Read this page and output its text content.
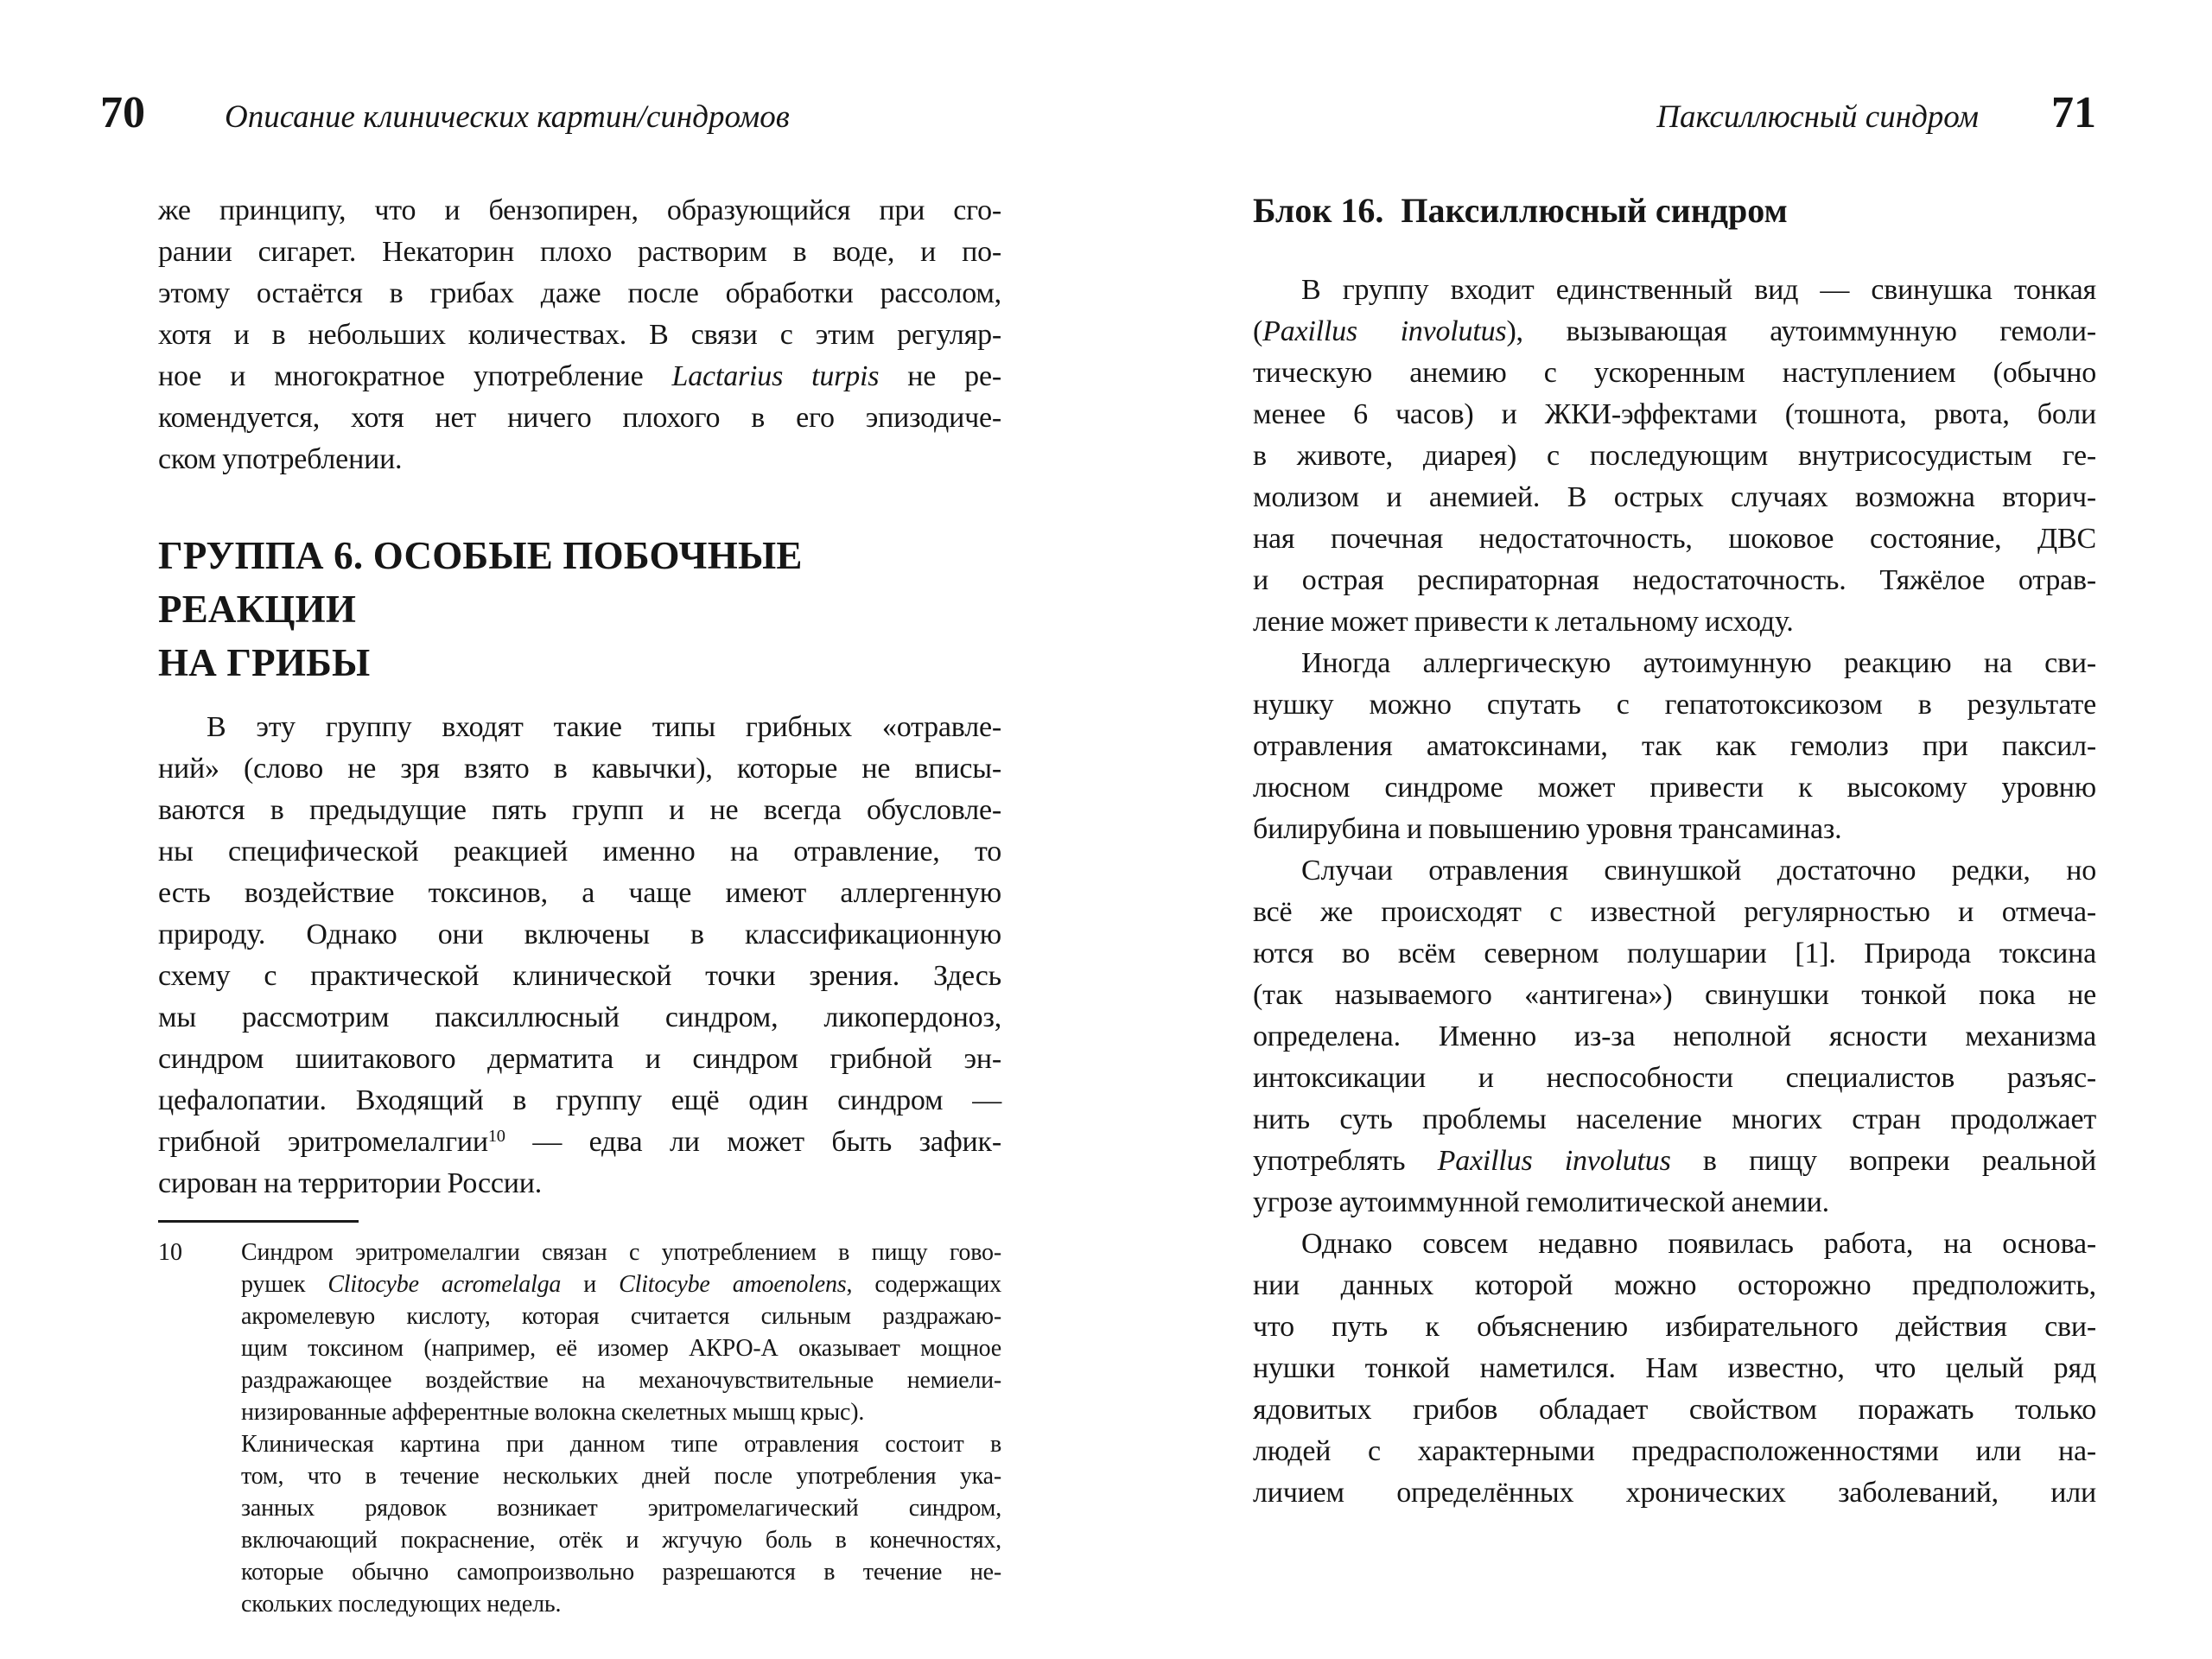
70 Описание клинических картин/синдромов	Паксиллюсный синдром 71
же принципу, что и бензопирен, образующийся при сго-
рании сигарет. Некаторин плохо растворим в воде, и по-
этому остаётся в грибах даже после обработки рассолом,
хотя и в небольших количествах. В связи с этим регуляр-
ное и многократное употребление Lactarius turpis не ре-
комендуется, хотя нет ничего плохого в его эпизодиче-
ском употреблении.
ГРУППА 6. ОСОБЫЕ ПОБОЧНЫЕ РЕАКЦИИ
НА ГРИБЫ
В эту группу входят такие типы грибных «отравле-
ний» (слово не зря взято в кавычки), которые не вписы-
ваются в предыдущие пять групп и не всегда обусловле-
ны специфической реакцией именно на отравление, то
есть воздействие токсинов, а чаще имеют аллергенную
природу. Однако они включены в классификационную
схему с практической клинической точки зрения. Здесь
мы рассмотрим паксиллюсный синдром, ликопердоноз,
синдром шиитакового дерматита и синдром грибной эн-
цефалопатии. Входящий в группу ещё один синдром —
грибной эритромелалгии$^{10}$ — едва ли может быть зафик-
сирован на территории России.
10	Синдром эритромелалгии связан с употреблением в пищу гово-
рушек Clitocybe acromelalga и Clitocybe amoenolens, содержащих
акромелевую кислоту, которая считается сильным раздражаю-
щим токсином (например, её изомер АКРО-А оказывает мощное
раздражающее воздействие на механочувствительные немиели-
низированные афферентные волокна скелетных мышц крыс).
Клиническая картина при данном типе отравления состоит в
том, что в течение нескольких дней после употребления ука-
занных рядовок возникает эритромелагический синдром,
включающий покраснение, отёк и жгучую боль в конечностях,
которые обычно самопроизвольно разрешаются в течение не-
скольких последующих недель.
Блок 16.  Паксиллюсный синдром
В группу входит единственный вид — свинушка тонкая
(Paxillus involutus), вызывающая аутоиммунную гемоли-
тическую анемию с ускоренным наступлением (обычно
менее 6 часов) и ЖКИ-эффектами (тошнота, рвота, боли
в животе, диарея) с последующим внутрисосудистым ге-
молизом и анемией. В острых случаях возможна вторич-
ная почечная недостаточность, шоковое состояние, ДВС
и острая респираторная недостаточность. Тяжёлое отрав-
ление может привести к летальному исходу.
Иногда аллергическую аутоимунную реакцию на сви-
нушку можно спутать с гепатотоксикозом в результате
отравления аматоксинами, так как гемолиз при паксил-
люсном синдроме может привести к высокому уровню
билирубина и повышению уровня трансаминаз.
Случаи отравления свинушкой достаточно редки, но
всё же происходят с известной регулярностью и отмеча-
ются во всём северном полушарии [1]. Природа токсина
(так называемого «антигена») свинушки тонкой пока не
определена. Именно из-за неполной ясности механизма
интоксикации и неспособности специалистов разъяс-
нить суть проблемы население многих стран продолжает
употреблять Paxillus involutus в пищу вопреки реальной
угрозе аутоиммунной гемолитической анемии.
Однако совсем недавно появилась работа, на основа-
нии данных которой можно осторожно предположить,
что путь к объяснению избирательного действия сви-
нушки тонкой наметился. Нам известно, что целый ряд
ядовитых грибов обладает свойством поражать только
людей с характерными предрасположенностями или на-
личием определённых хронических заболеваний, или
